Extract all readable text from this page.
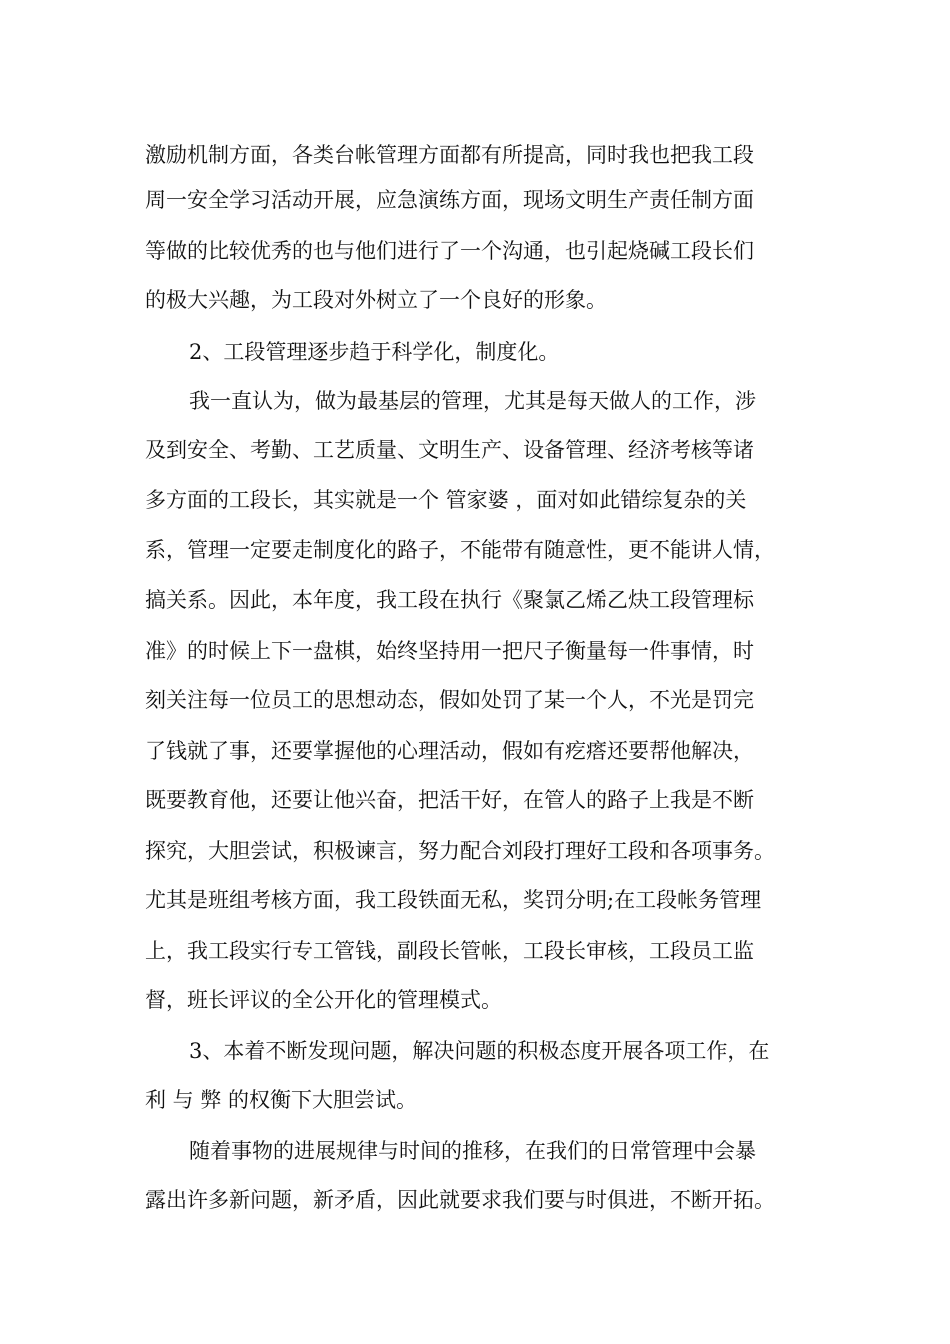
激励机制方面，各类台帐管理方面都有所提高，同时我也把我工段

周一安全学习活动开展，应急演练方面，现场文明生产责任制方面

等做的比较优秀的也与他们进行了一个沟通，也引起烧碱工段长们

的极大兴趣，为工段对外树立了一个良好的形象。

2、工段管理逐步趋于科学化，制度化。

我一直认为，做为最基层的管理，尤其是每天做人的工作，涉

及到安全、考勤、工艺质量、文明生产、设备管理、经济考核等诸

多方面的工段长，其实就是一个 管家婆 ，面对如此错综复杂的关

系，管理一定要走制度化的路子，不能带有随意性，更不能讲人情，

搞关系。因此，本年度，我工段在执行《聚氯乙烯乙炔工段管理标

准》的时候上下一盘棋，始终坚持用一把尺子衡量每一件事情，时

刻关注每一位员工的思想动态，假如处罚了某一个人，不光是罚完

了钱就了事，还要掌握他的心理活动，假如有疙瘩还要帮他解决，

既要教育他，还要让他兴奋，把活干好，在管人的路子上我是不断

探究，大胆尝试，积极谏言，努力配合刘段打理好工段和各项事务。

尤其是班组考核方面，我工段铁面无私，奖罚分明;在工段帐务管理

上，我工段实行专工管钱，副段长管帐，工段长审核，工段员工监

督，班长评议的全公开化的管理模式。

3、本着不断发现问题，解决问题的积极态度开展各项工作，在

利 与 弊 的权衡下大胆尝试。

随着事物的进展规律与时间的推移，在我们的日常管理中会暴

露出许多新问题，新矛盾，因此就要求我们要与时俱进，不断开拓。
